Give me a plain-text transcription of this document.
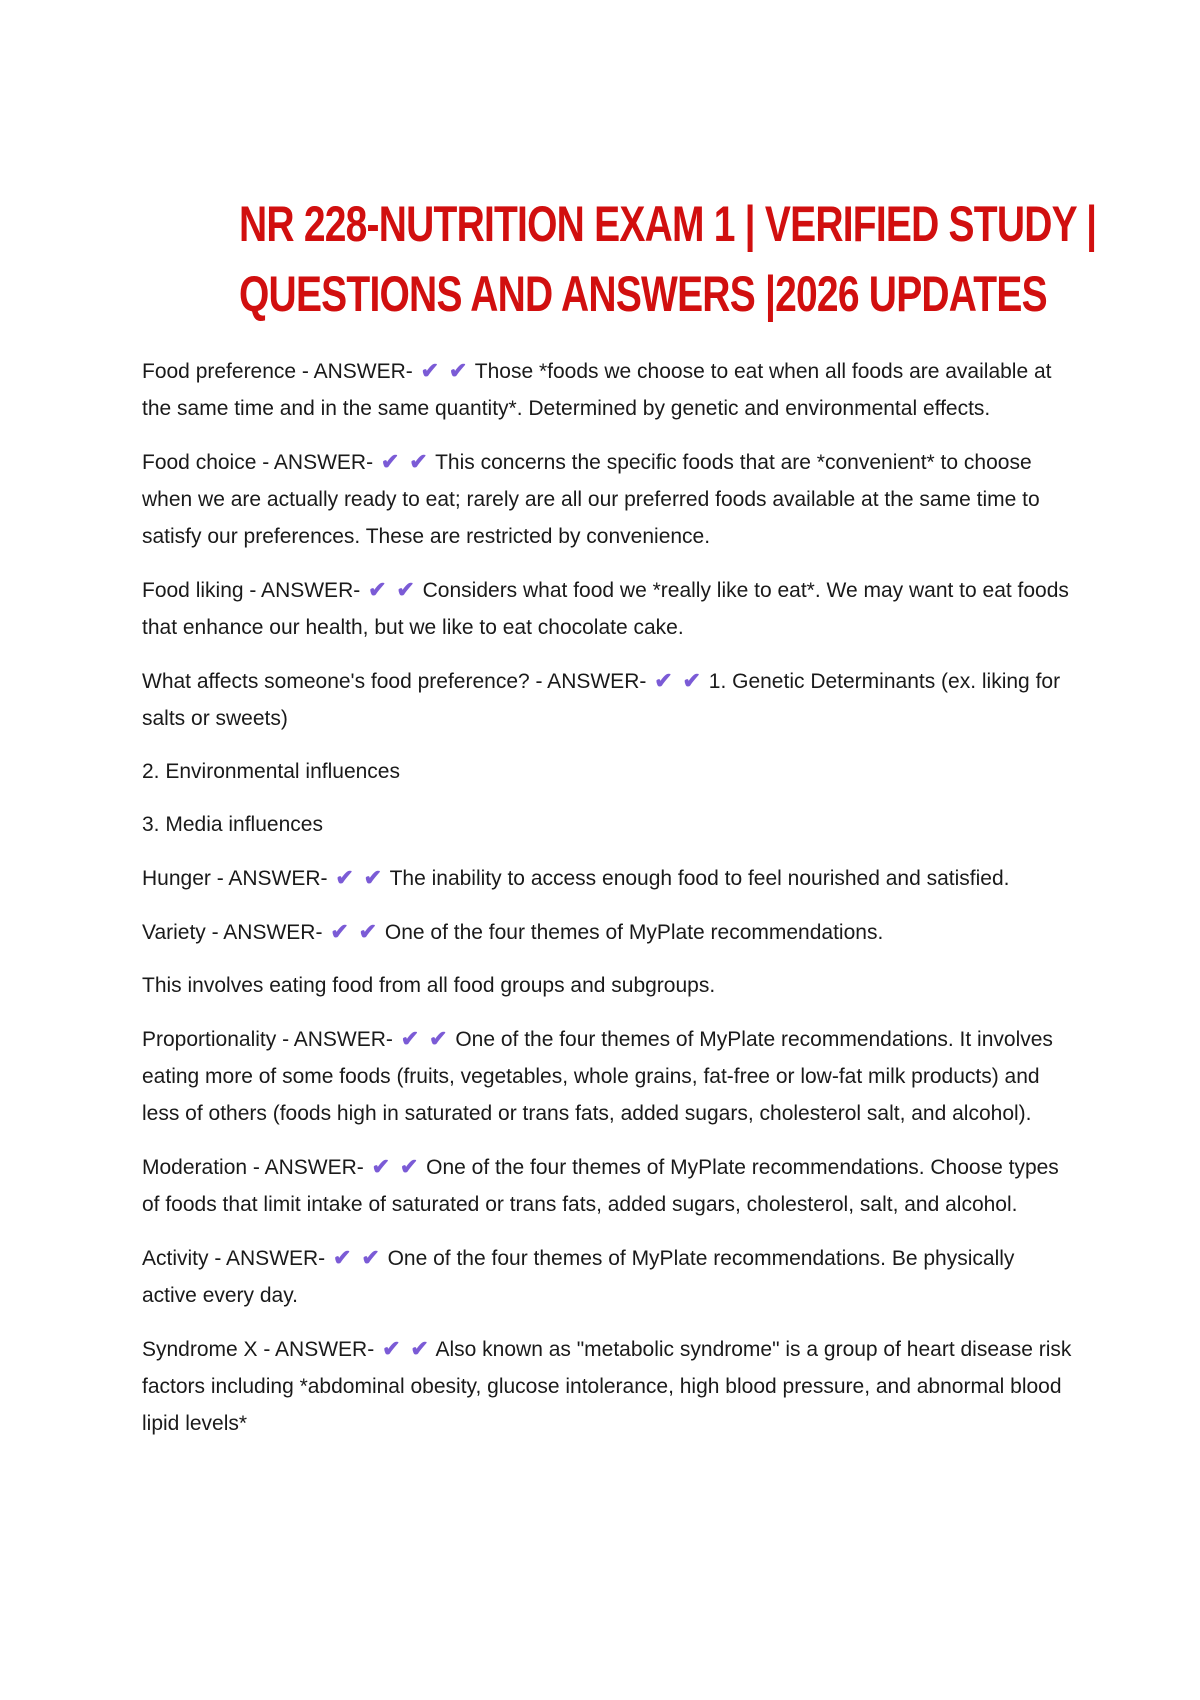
NR 228-NUTRITION EXAM 1 | VERIFIED STUDY |
QUESTIONS AND ANSWERS |2026 UPDATES

Food preference - ANSWER- ✔ ✔ Those *foods we choose to eat when all foods are available at the same time and in the same quantity*. Determined by genetic and environmental effects.

Food choice - ANSWER- ✔ ✔ This concerns the specific foods that are *convenient* to choose when we are actually ready to eat; rarely are all our preferred foods available at the same time to satisfy our preferences. These are restricted by convenience.

Food liking - ANSWER- ✔ ✔ Considers what food we *really like to eat*. We may want to eat foods that enhance our health, but we like to eat chocolate cake.

What affects someone's food preference? - ANSWER- ✔ ✔ 1. Genetic Determinants (ex. liking for salts or sweets)

2. Environmental influences

3. Media influences

Hunger - ANSWER- ✔ ✔ The inability to access enough food to feel nourished and satisfied.

Variety - ANSWER- ✔ ✔ One of the four themes of MyPlate recommendations.

This involves eating food from all food groups and subgroups.

Proportionality - ANSWER- ✔ ✔ One of the four themes of MyPlate recommendations. It involves eating more of some foods (fruits, vegetables, whole grains, fat-free or low-fat milk products) and less of others (foods high in saturated or trans fats, added sugars, cholesterol salt, and alcohol).

Moderation - ANSWER- ✔ ✔ One of the four themes of MyPlate recommendations. Choose types of foods that limit intake of saturated or trans fats, added sugars, cholesterol, salt, and alcohol.

Activity - ANSWER- ✔ ✔ One of the four themes of MyPlate recommendations. Be physically active every day.

Syndrome X - ANSWER- ✔ ✔ Also known as "metabolic syndrome" is a group of heart disease risk factors including *abdominal obesity, glucose intolerance, high blood pressure, and abnormal blood lipid levels*
